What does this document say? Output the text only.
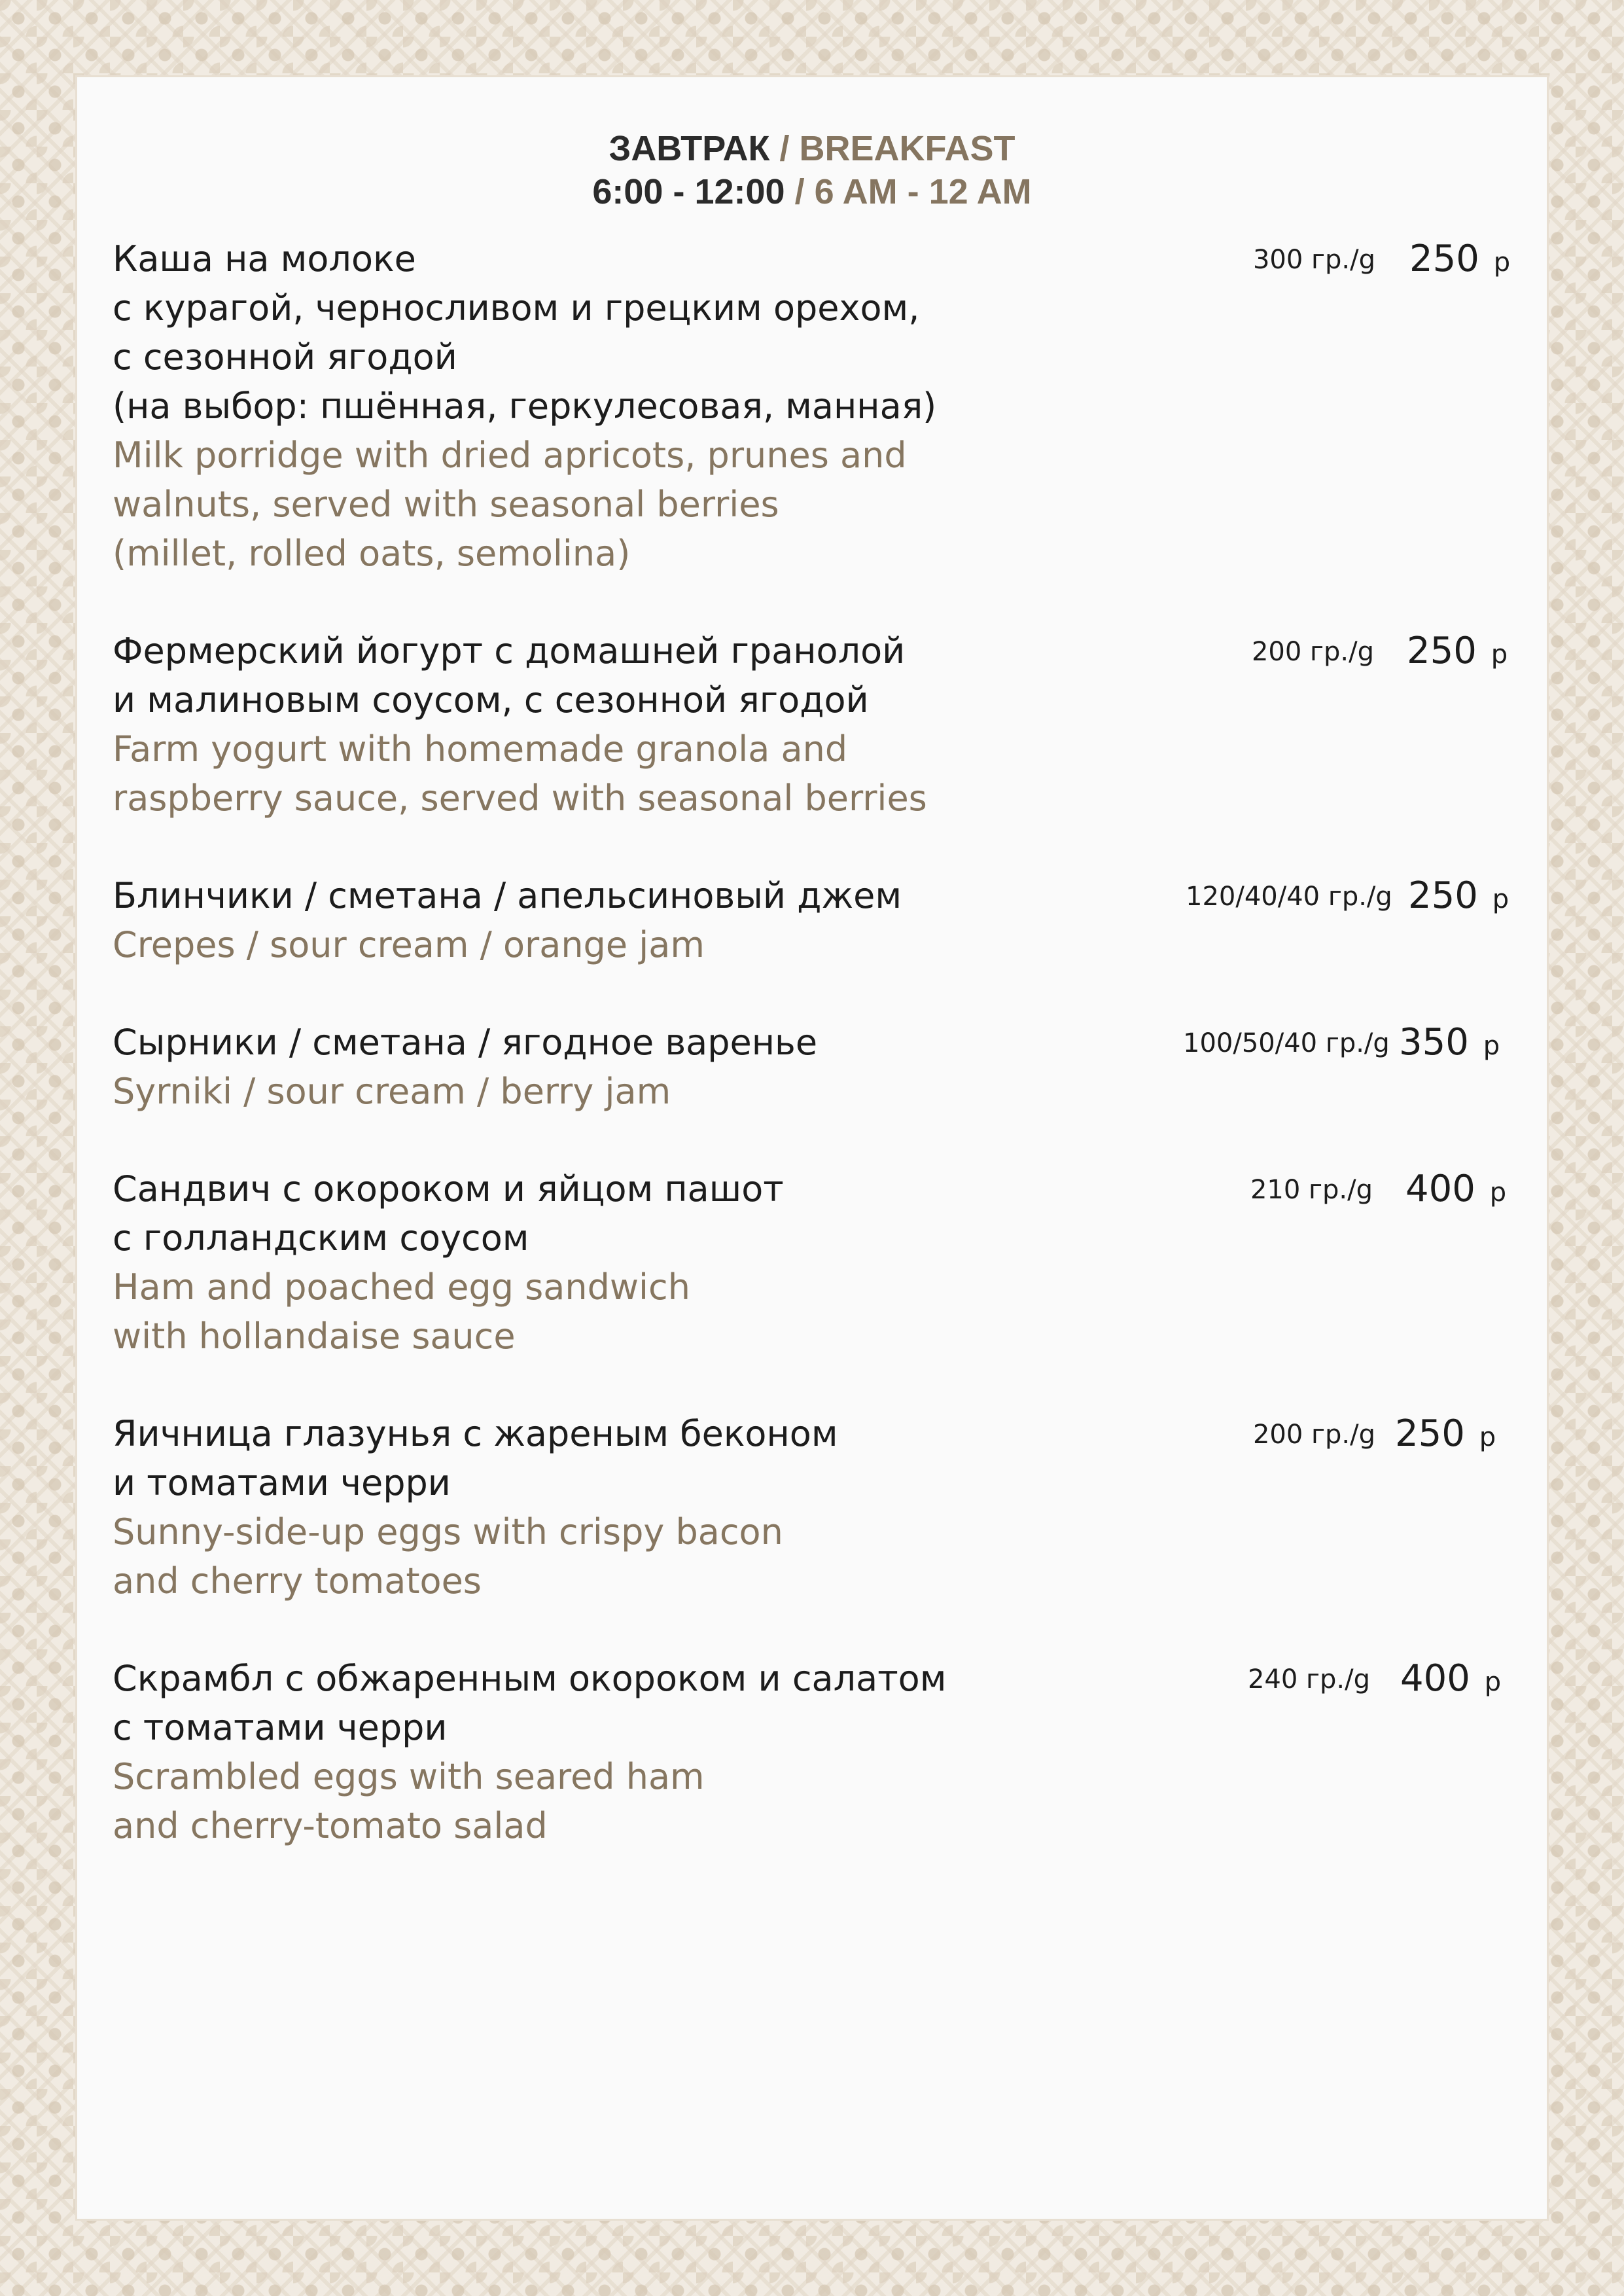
ЗАВТРАК / BREAKFAST
6:00 - 12:00 / 6 AM - 12 AM
Каша на молоке
с курагой, черносливом и грецким орехом,
с сезонной ягодой
(на выбор: пшённая, геркулесовая, манная)
Milk porridge with dried apricots, prunes and
walnuts, served with seasonal berries
(millet, rolled oats, semolina)
300 гр./g 250 р
Фермерский йогурт с домашней гранолой
и малиновым соусом, с сезонной ягодой
Farm yogurt with homemade granola and
raspberry sauce, served with seasonal berries
200 гр./g 250 р
Блинчики / сметана / апельсиновый джем
Crepes / sour cream / orange jam
120/40/40 гр./g 250 р
Сырники / сметана / ягодное варенье
Syrniki / sour cream / berry jam
100/50/40 гр./g 350 р
Сандвич с окороком и яйцом пашот
с голландским соусом
Ham and poached egg sandwich
with hollandaise sauce
210 гр./g 400 р
Яичница глазунья с жареным беконом
и томатами черри
Sunny-side-up eggs with crispy bacon
and cherry tomatoes
200 гр./g 250 р
Скрамбл с обжаренным окороком и салатом
с томатами черри
Scrambled eggs with seared ham
and cherry-tomato salad
240 гр./g 400 р
